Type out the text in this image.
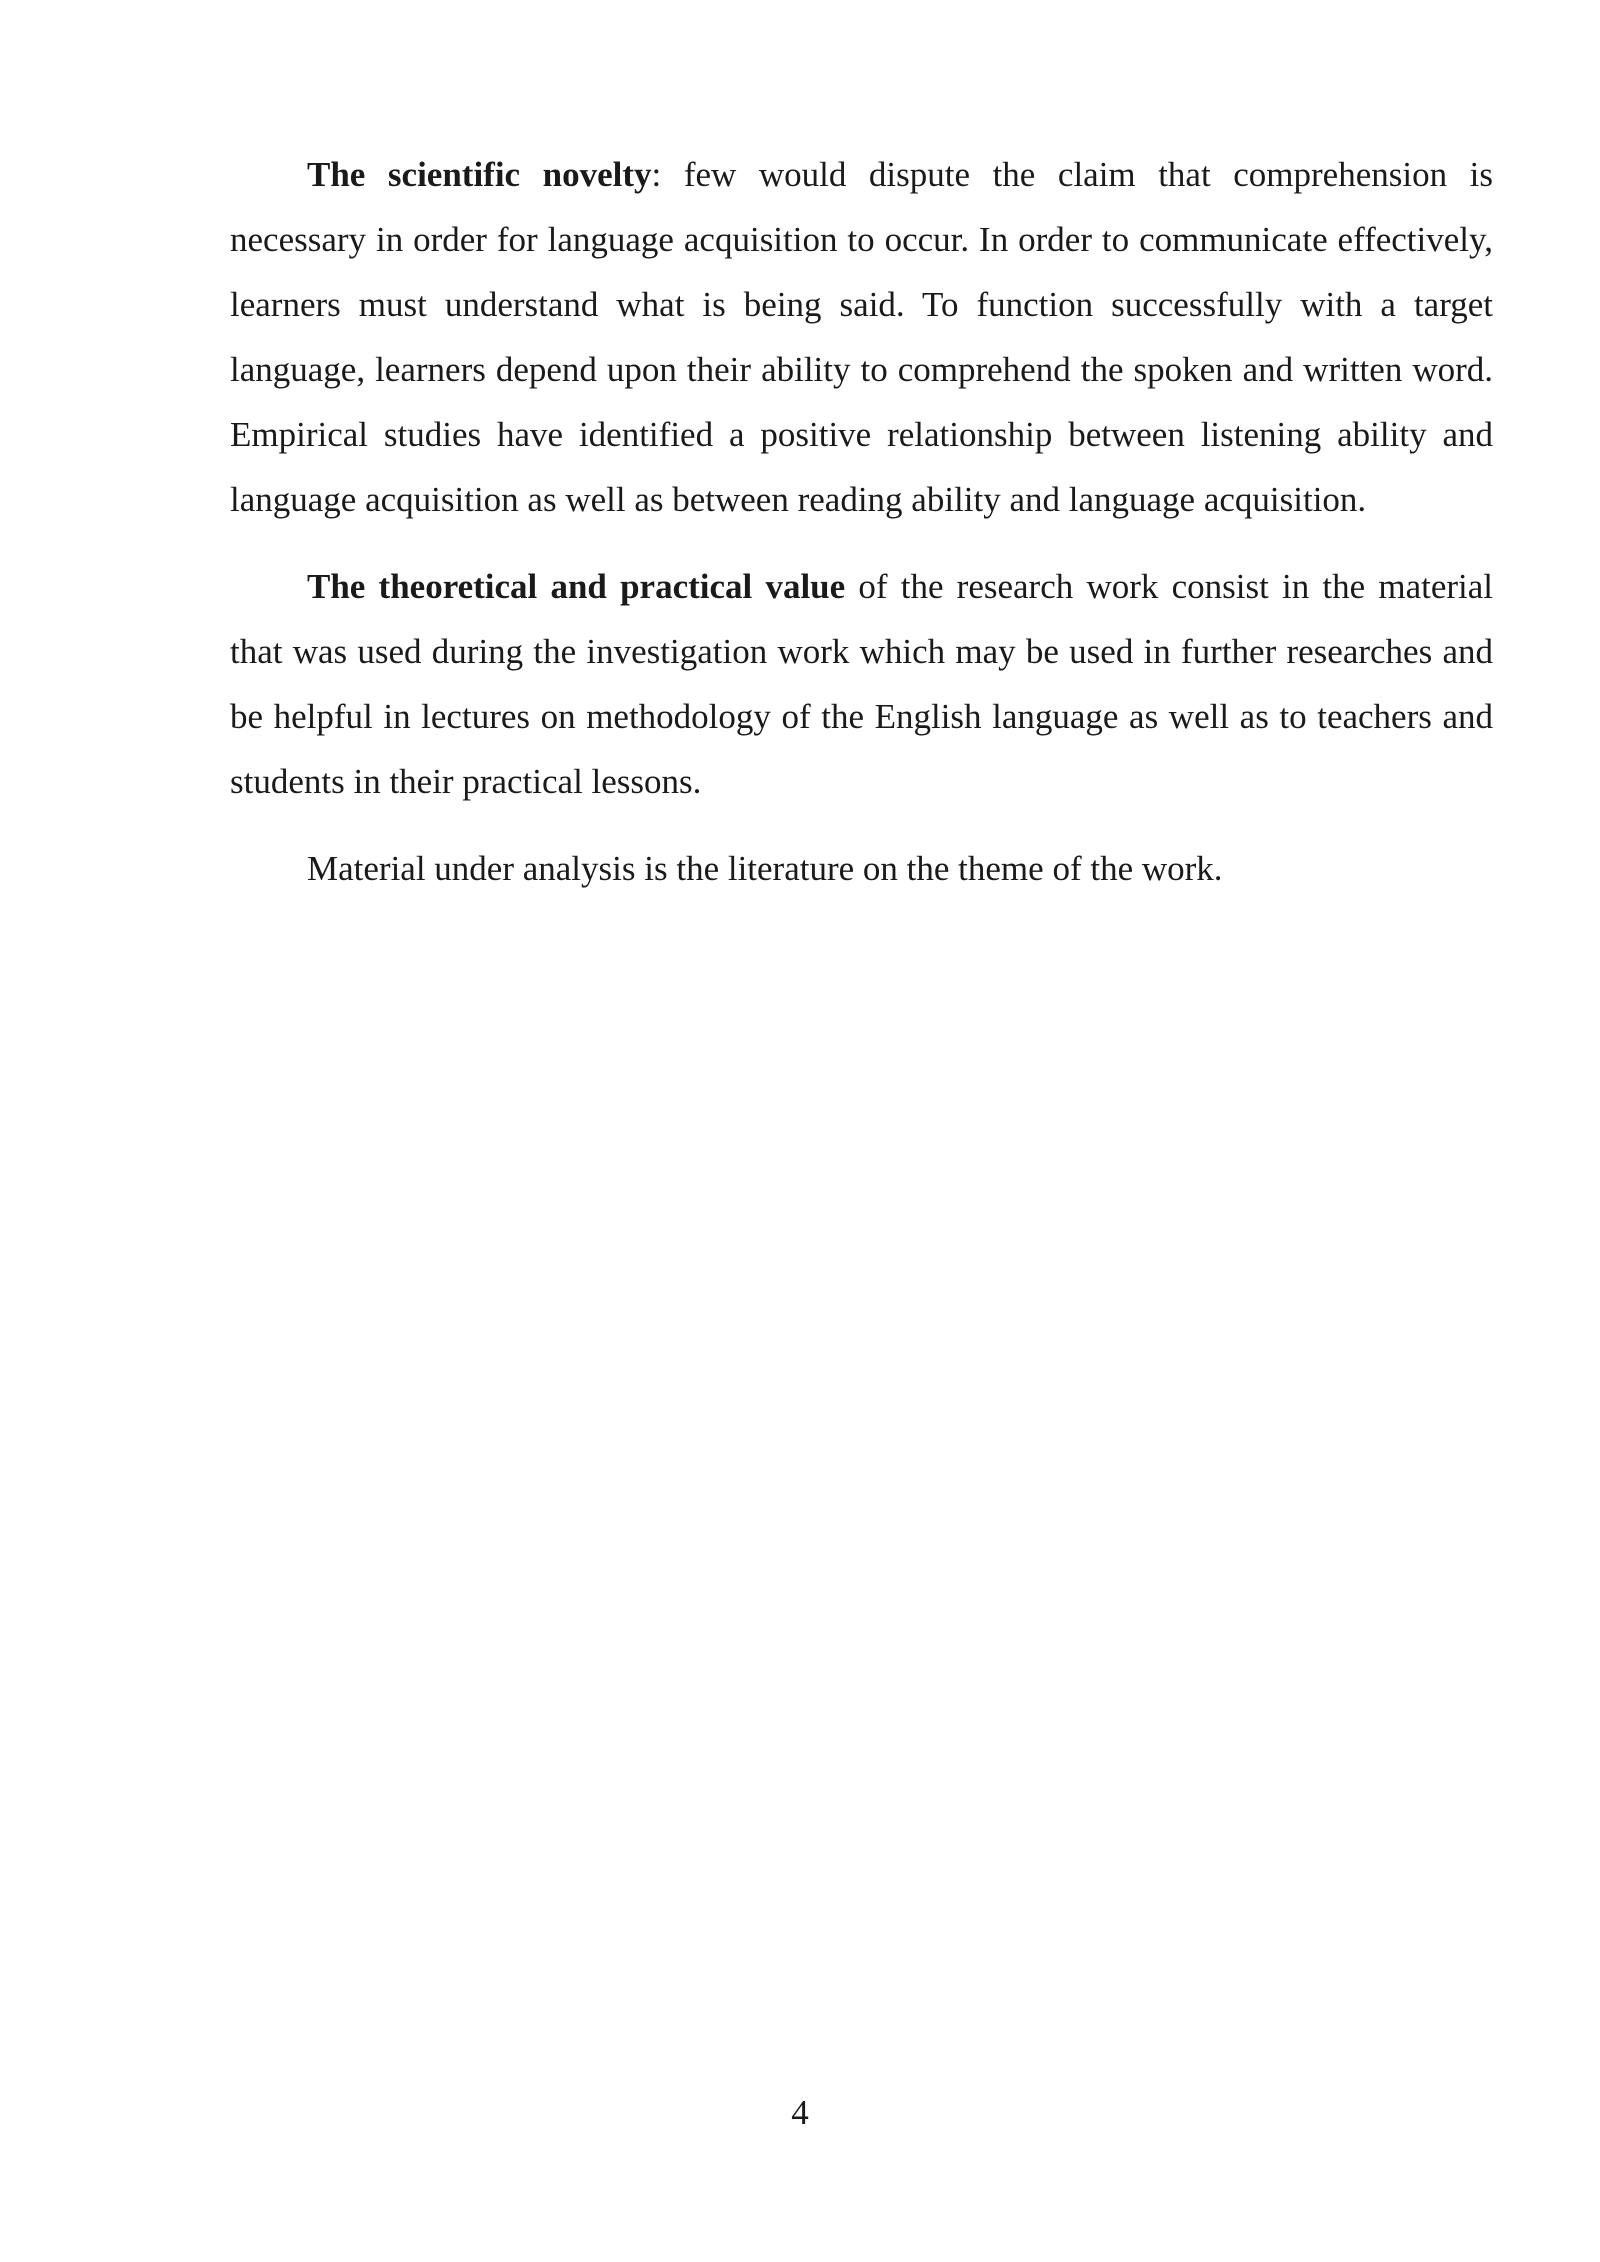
The scientific novelty: few would dispute the claim that comprehension is necessary in order for language acquisition to occur. In order to communicate effectively, learners must understand what is being said. To function successfully with a target language, learners depend upon their ability to comprehend the spoken and written word. Empirical studies have identified a positive relationship between listening ability and language acquisition as well as between reading ability and language acquisition.

The theoretical and practical value of the research work consist in the material that was used during the investigation work which may be used in further researches and be helpful in lectures on methodology of the English language as well as to teachers and students in their practical lessons.

Material under analysis is the literature on the theme of the work.

4
